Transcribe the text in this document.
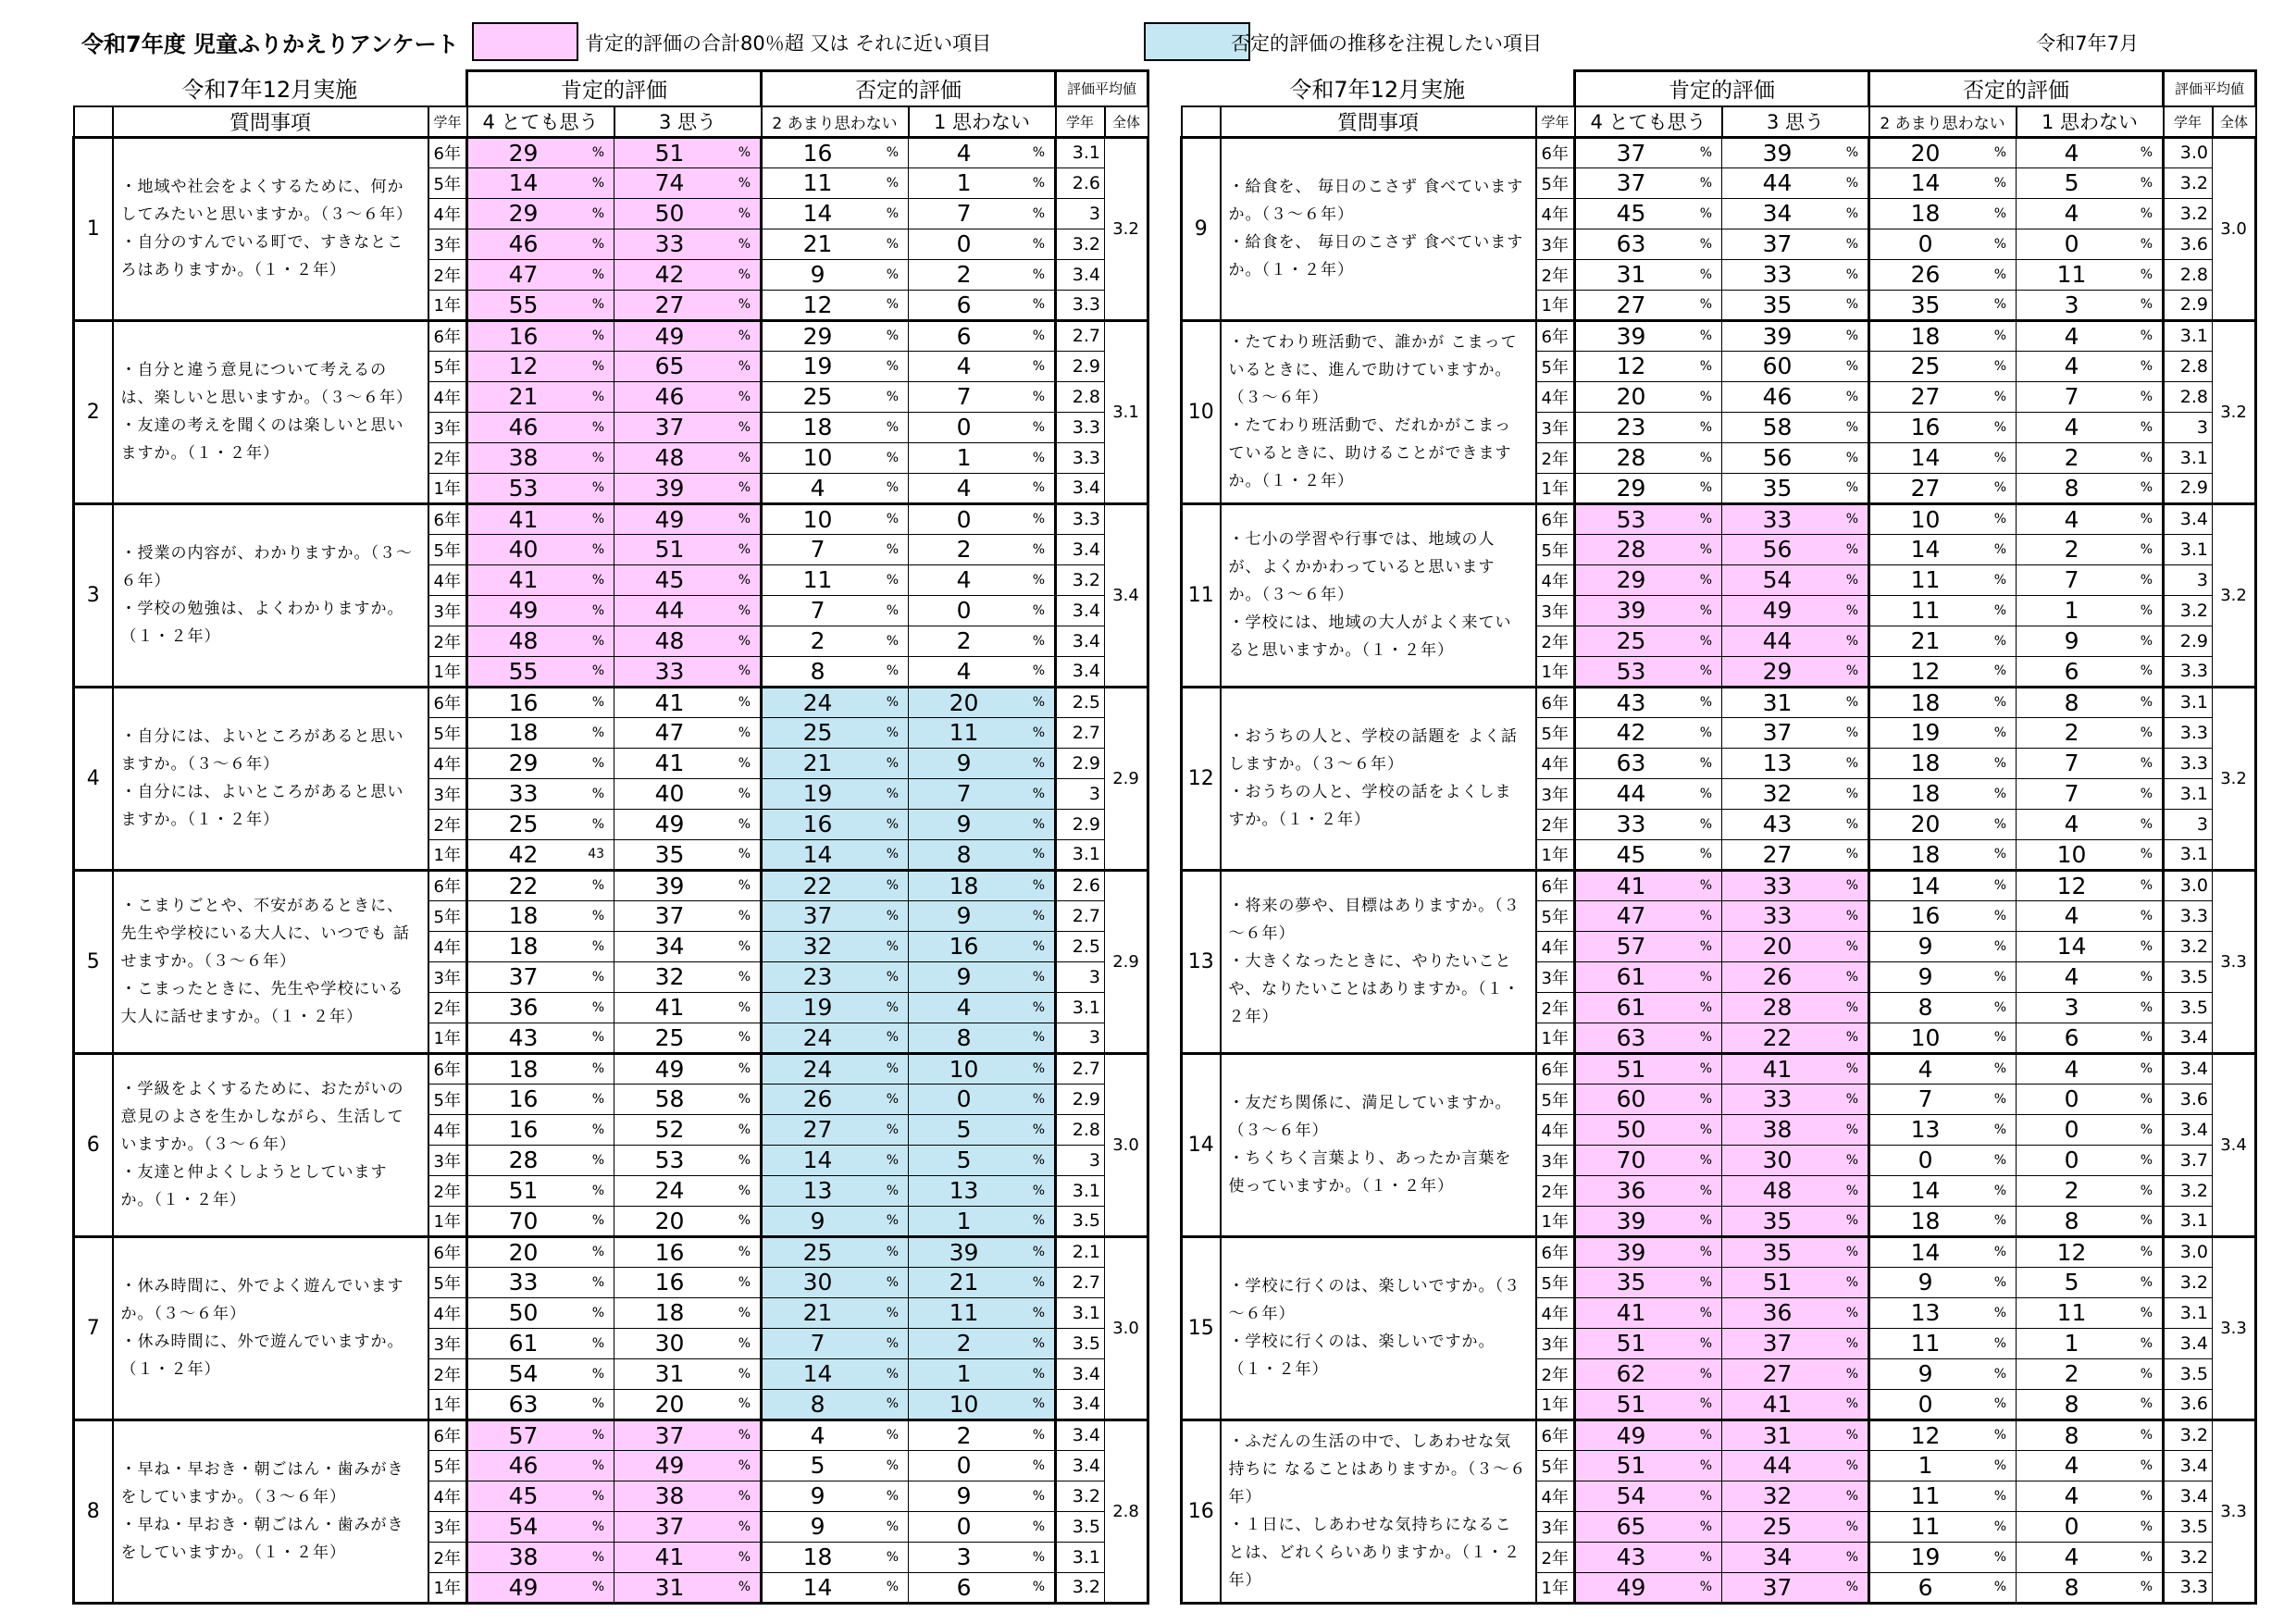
令和7年度 児童ふりかえりアンケート	肯定的評価の合計80％超 又は それに近い項目	否定的評価の推移を注視したい項目	令和7年7月
令和7年12月実施			肯定的評価		否定的評価		評価平均値	
	質問事項	学年	4 とても思う	3 思う	2 あまり思わない	1 思わない	学年	全体
1	・地域や社会をよくするために、何かしてみたいと思いますか。（３～６年）
・自分のすんでいる町で、すきなところはありますか。（１・２年）	6年	29 %	51 %	16 %	4 %	3.1	3.2
		5年	14 %	74 %	11 %	1 %	2.6	
		4年	29 %	50 %	14 %	7 %	3	
		3年	46 %	33 %	21 %	0 %	3.2	
		2年	47 %	42 %	9 %	2 %	3.4	
		1年	55 %	27 %	12 %	6 %	3.3	
2	・自分と違う意見について考えるのは、楽しいと思いますか。（３～６年）
・友達の考えを聞くのは楽しいと思いますか。（１・２年）	6年	16 %	49 %	29 %	6 %	2.7	3.1
		5年	12 %	65 %	19 %	4 %	2.9	
		4年	21 %	46 %	25 %	7 %	2.8	
		3年	46 %	37 %	18 %	0 %	3.3	
		2年	38 %	48 %	10 %	1 %	3.3	
		1年	53 %	39 %	4 %	4 %	3.4	
3	・授業の内容が、わかりますか。（３～６年）
・学校の勉強は、よくわかりますか。（１・２年）	6年	41 %	49 %	10 %	0 %	3.3	3.4
		5年	40 %	51 %	7 %	2 %	3.4	
		4年	41 %	45 %	11 %	4 %	3.2	
		3年	49 %	44 %	7 %	0 %	3.4	
		2年	48 %	48 %	2 %	2 %	3.4	
		1年	55 %	33 %	8 %	4 %	3.4	
4	・自分には、よいところがあると思いますか。（３～６年）
・自分には、よいところがあると思いますか。（１・２年）	6年	16 %	41 %	24 %	20 %	2.5	2.9
		5年	18 %	47 %	25 %	11 %	2.7	
		4年	29 %	41 %	21 %	9 %	2.9	
		3年	33 %	40 %	19 %	7 %	3	
		2年	25 %	49 %	16 %	9 %	2.9	
		1年	42 43	35 %	14 %	8 %	3.1	
5	・こまりごとや、不安があるときに、先生や学校にいる大人に、いつでも 話せますか。（３～６年）
・こまったときに、先生や学校にいる大人に話せますか。（１・２年）	6年	22 %	39 %	22 %	18 %	2.6	2.9
		5年	18 %	37 %	37 %	9 %	2.7	
		4年	18 %	34 %	32 %	16 %	2.5	
		3年	37 %	32 %	23 %	9 %	3	
		2年	36 %	41 %	19 %	4 %	3.1	
		1年	43 %	25 %	24 %	8 %	3	
6	・学級をよくするために、おたがいの意見のよさを生かしながら、生活していますか。（３～６年）
・友達と仲よくしようとしていますか。（１・２年）	6年	18 %	49 %	24 %	10 %	2.7	3.0
		5年	16 %	58 %	26 %	0 %	2.9	
		4年	16 %	52 %	27 %	5 %	2.8	
		3年	28 %	53 %	14 %	5 %	3	
		2年	51 %	24 %	13 %	13 %	3.1	
		1年	70 %	20 %	9 %	1 %	3.5	
7	・休み時間に、外でよく遊んでいますか。（３～６年）
・休み時間に、外で遊んでいますか。（１・２年）	6年	20 %	16 %	25 %	39 %	2.1	3.0
		5年	33 %	16 %	30 %	21 %	2.7	
		4年	50 %	18 %	21 %	11 %	3.1	
		3年	61 %	30 %	7 %	2 %	3.5	
		2年	54 %	31 %	14 %	1 %	3.4	
		1年	63 %	20 %	8 %	10 %	3.4	
8	・早ね・早おき・朝ごはん・歯みがきをしていますか。（３～６年）
・早ね・早おき・朝ごはん・歯みがきをしていますか。（１・２年）	6年	57 %	37 %	4 %	2 %	3.4	2.8
		5年	46 %	49 %	5 %	0 %	3.4	
		4年	45 %	38 %	9 %	9 %	3.2	
		3年	54 %	37 %	9 %	0 %	3.5	
		2年	38 %	41 %	18 %	3 %	3.1	
		1年	49 %	31 %	14 %	6 %	3.2	
令和7年12月実施			肯定的評価		否定的評価		評価平均値	
	質問事項	学年	4 とても思う	3 思う	2 あまり思わない	1 思わない	学年	全体
9	・給食を、 毎日のこさず 食べていますか。（３～６年）
・給食を、 毎日のこさず 食べていますか。（１・２年）	6年	37 %	39 %	20 %	4 %	3.0	3.0
		5年	37 %	44 %	14 %	5 %	3.2	
		4年	45 %	34 %	18 %	4 %	3.2	
		3年	63 %	37 %	0 %	0 %	3.6	
		2年	31 %	33 %	26 %	11 %	2.8	
		1年	27 %	35 %	35 %	3 %	2.9	
10	・たてわり班活動で、誰かが こまっているときに、進んで助けていますか。（３～６年）
・たてわり班活動で、だれかがこまっているときに、助けることができますか。（１・２年）	6年	39 %	39 %	18 %	4 %	3.1	3.2
		5年	12 %	60 %	25 %	4 %	2.8	
		4年	20 %	46 %	27 %	7 %	2.8	
		3年	23 %	58 %	16 %	4 %	3	
		2年	28 %	56 %	14 %	2 %	3.1	
		1年	29 %	35 %	27 %	8 %	2.9	
11	・七小の学習や行事では、地域の人が、よくかかわっていると思いますか。（３～６年）
・学校には、地域の大人がよく来ていると思いますか。（１・２年）	6年	53 %	33 %	10 %	4 %	3.4	3.2
		5年	28 %	56 %	14 %	2 %	3.1	
		4年	29 %	54 %	11 %	7 %	3	
		3年	39 %	49 %	11 %	1 %	3.2	
		2年	25 %	44 %	21 %	9 %	2.9	
		1年	53 %	29 %	12 %	6 %	3.3	
12	・おうちの人と、学校の話題を よく話しますか。（３～６年）
・おうちの人と、学校の話をよくしますか。（１・２年）	6年	43 %	31 %	18 %	8 %	3.1	3.2
		5年	42 %	37 %	19 %	2 %	3.3	
		4年	63 %	13 %	18 %	7 %	3.3	
		3年	44 %	32 %	18 %	7 %	3.1	
		2年	33 %	43 %	20 %	4 %	3	
		1年	45 %	27 %	18 %	10 %	3.1	
13	・将来の夢や、目標はありますか。（３～６年）
・大きくなったときに、やりたいことや、なりたいことはありますか。（１・２年）	6年	41 %	33 %	14 %	12 %	3.0	3.3
		5年	47 %	33 %	16 %	4 %	3.3	
		4年	57 %	20 %	9 %	14 %	3.2	
		3年	61 %	26 %	9 %	4 %	3.5	
		2年	61 %	28 %	8 %	3 %	3.5	
		1年	63 %	22 %	10 %	6 %	3.4	
14	・友だち関係に、満足していますか。（３～６年）
・ちくちく言葉より、あったか言葉を使っていますか。（１・２年）	6年	51 %	41 %	4 %	4 %	3.4	3.4
		5年	60 %	33 %	7 %	0 %	3.6	
		4年	50 %	38 %	13 %	0 %	3.4	
		3年	70 %	30 %	0 %	0 %	3.7	
		2年	36 %	48 %	14 %	2 %	3.2	
		1年	39 %	35 %	18 %	8 %	3.1	
15	・学校に行くのは、楽しいですか。（３～６年）
・学校に行くのは、楽しいですか。（１・２年）	6年	39 %	35 %	14 %	12 %	3.0	3.3
		5年	35 %	51 %	9 %	5 %	3.2	
		4年	41 %	36 %	13 %	11 %	3.1	
		3年	51 %	37 %	11 %	1 %	3.4	
		2年	62 %	27 %	9 %	2 %	3.5	
		1年	51 %	41 %	0 %	8 %	3.6	
16	・ふだんの生活の中で、しあわせな気持ちに なることはありますか。（３～６年）
・１日に、しあわせな気持ちになることは、どれくらいありますか。（１・２年）	6年	49 %	31 %	12 %	8 %	3.2	3.3
		5年	51 %	44 %	1 %	4 %	3.4	
		4年	54 %	32 %	11 %	4 %	3.4	
		3年	65 %	25 %	11 %	0 %	3.5	
		2年	43 %	34 %	19 %	4 %	3.2	
		1年	49 %	37 %	6 %	8 %	3.3	
